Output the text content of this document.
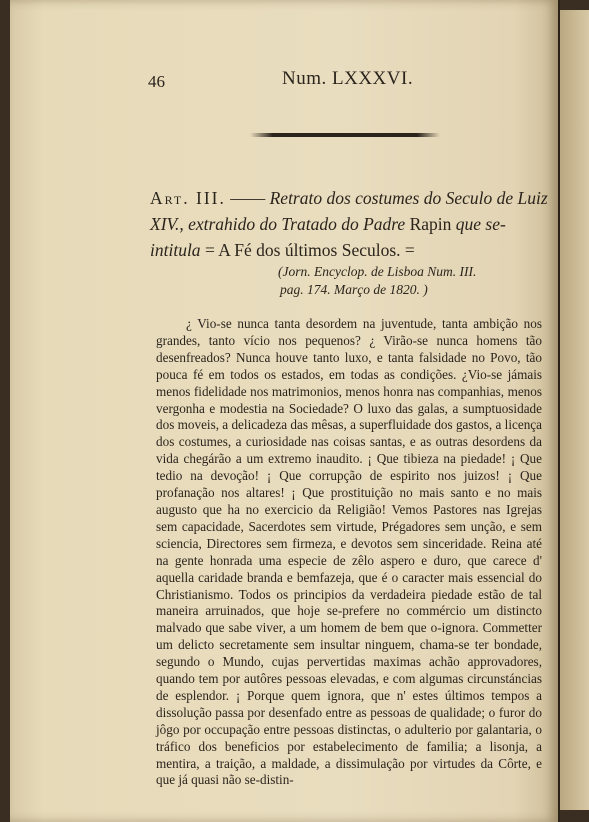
46	Num. LXXXVI.
Art. III. —— Retrato dos costumes do Seculo de Luiz XIV., extrahido do Tratado do Padre Rapin que se-intitula = A Fé dos últimos Seculos. =
(Jorn. Encyclop. de Lisboa Num. III.
pag. 174. Março de 1820. )

¿ Vio-se nunca tanta desordem na juventude, tanta ambição nos grandes, tanto vício nos pequenos? ¿ Virão-se nunca homens tão desenfreados? Nunca houve tanto luxo, e tanta falsidade no Povo, tão pouca fé em todos os estados, em todas as condições. ¿Vio-se jámais menos fidelidade nos matrimonios, menos honra nas companhias, menos vergonha e modestia na Sociedade? O luxo das galas, a sumptuosidade dos moveis, a delicadeza das mêsas, a superfluidade dos gastos, a licença dos costumes, a curiosidade nas coisas santas, e as outras desordens da vida chegárão a um extremo inaudito. ¡ Que tibieza na piedade! ¡ Que tedio na devoção! ¡ Que corrupção de espirito nos juizos! ¡ Que profanação nos altares! ¡ Que prostituição no mais santo e no mais augusto que ha no exercicio da Religião! Vemos Pastores nas Igrejas sem capacidade, Sacerdotes sem virtude, Prégadores sem unção, e sem sciencia, Directores sem firmeza, e devotos sem sinceridade. Reina até na gente honrada uma especie de zêlo aspero e duro, que carece d' aquella caridade branda e bemfazeja, que é o caracter mais essencial do Christianismo. Todos os principios da verdadeira piedade estão de tal maneira arruinados, que hoje se-prefere no commércio um distincto malvado que sabe viver, a um homem de bem que o-ignora. Commetter um delicto secretamente sem insultar ninguem, chama-se ter bondade, segundo o Mundo, cujas pervertidas maximas achão approvadores, quando tem por autôres pessoas elevadas, e com algumas circunstáncias de esplendor. ¡ Porque quem ignora, que n' estes últimos tempos a dissolução passa por desenfado entre as pessoas de qualidade; o furor do jôgo por occupação entre pessoas distinctas, o adulterio por galantaria, o tráfico dos beneficios por estabelecimento de familia; a lisonja, a mentira, a traição, a maldade, a dissimulação por virtudes da Côrte, e que já quasi não se-distin-
